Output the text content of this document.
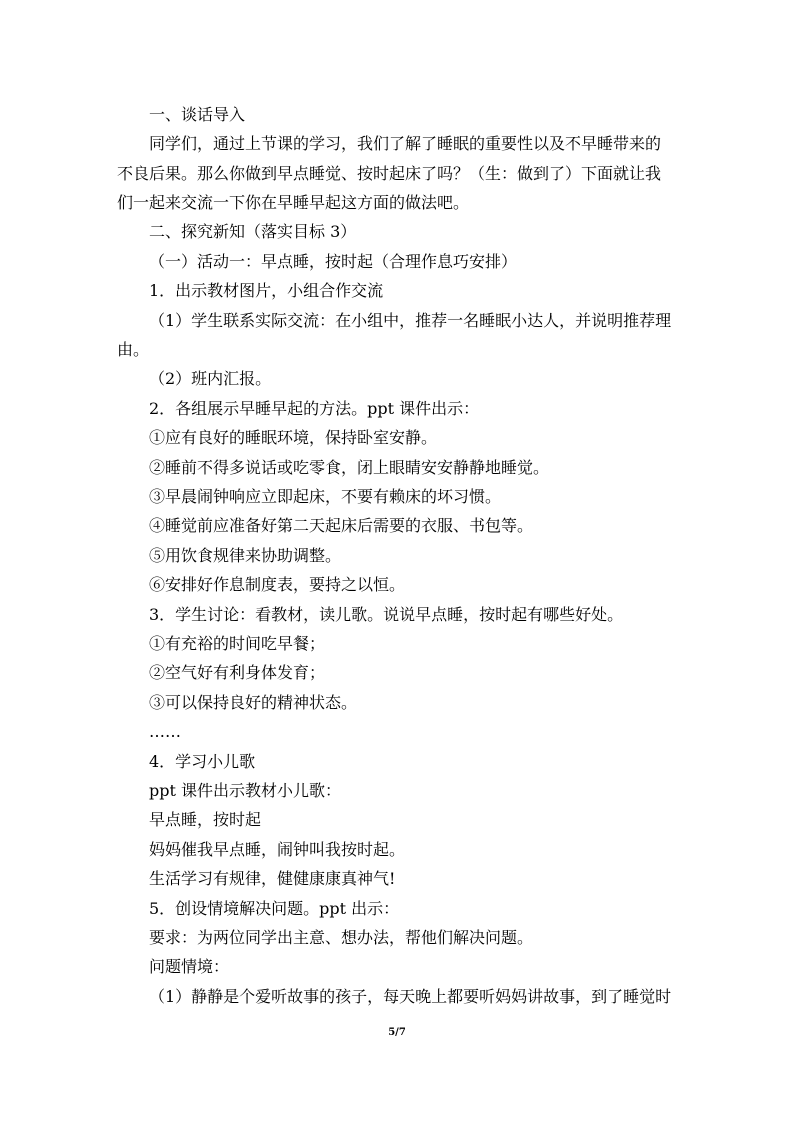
一、谈话导入
同学们，通过上节课的学习，我们了解了睡眠的重要性以及不早睡带来的
不良后果。那么你做到早点睡觉、按时起床了吗？（生：做到了）下面就让我
们一起来交流一下你在早睡早起这方面的做法吧。
二、探究新知（落实目标 3）
（一）活动一：早点睡，按时起（合理作息巧安排）
1．出示教材图片，小组合作交流
（1）学生联系实际交流：在小组中，推荐一名睡眠小达人，并说明推荐理
由。
（2）班内汇报。
2．各组展示早睡早起的方法。ppt 课件出示：
①应有良好的睡眠环境，保持卧室安静。
②睡前不得多说话或吃零食，闭上眼睛安安静静地睡觉。
③早晨闹钟响应立即起床，不要有赖床的坏习惯。
④睡觉前应准备好第二天起床后需要的衣服、书包等。
⑤用饮食规律来协助调整。
⑥安排好作息制度表，要持之以恒。
3．学生讨论：看教材，读儿歌。说说早点睡，按时起有哪些好处。
①有充裕的时间吃早餐；
②空气好有利身体发育；
③可以保持良好的精神状态。
……
4．学习小儿歌
ppt 课件出示教材小儿歌：
早点睡，按时起
妈妈催我早点睡，闹钟叫我按时起。
生活学习有规律，健健康康真神气!
5．创设情境解决问题。ppt 出示：
要求：为两位同学出主意、想办法，帮他们解决问题。
问题情境：
（1）静静是个爱听故事的孩子，每天晚上都要听妈妈讲故事，到了睡觉时
5/7
